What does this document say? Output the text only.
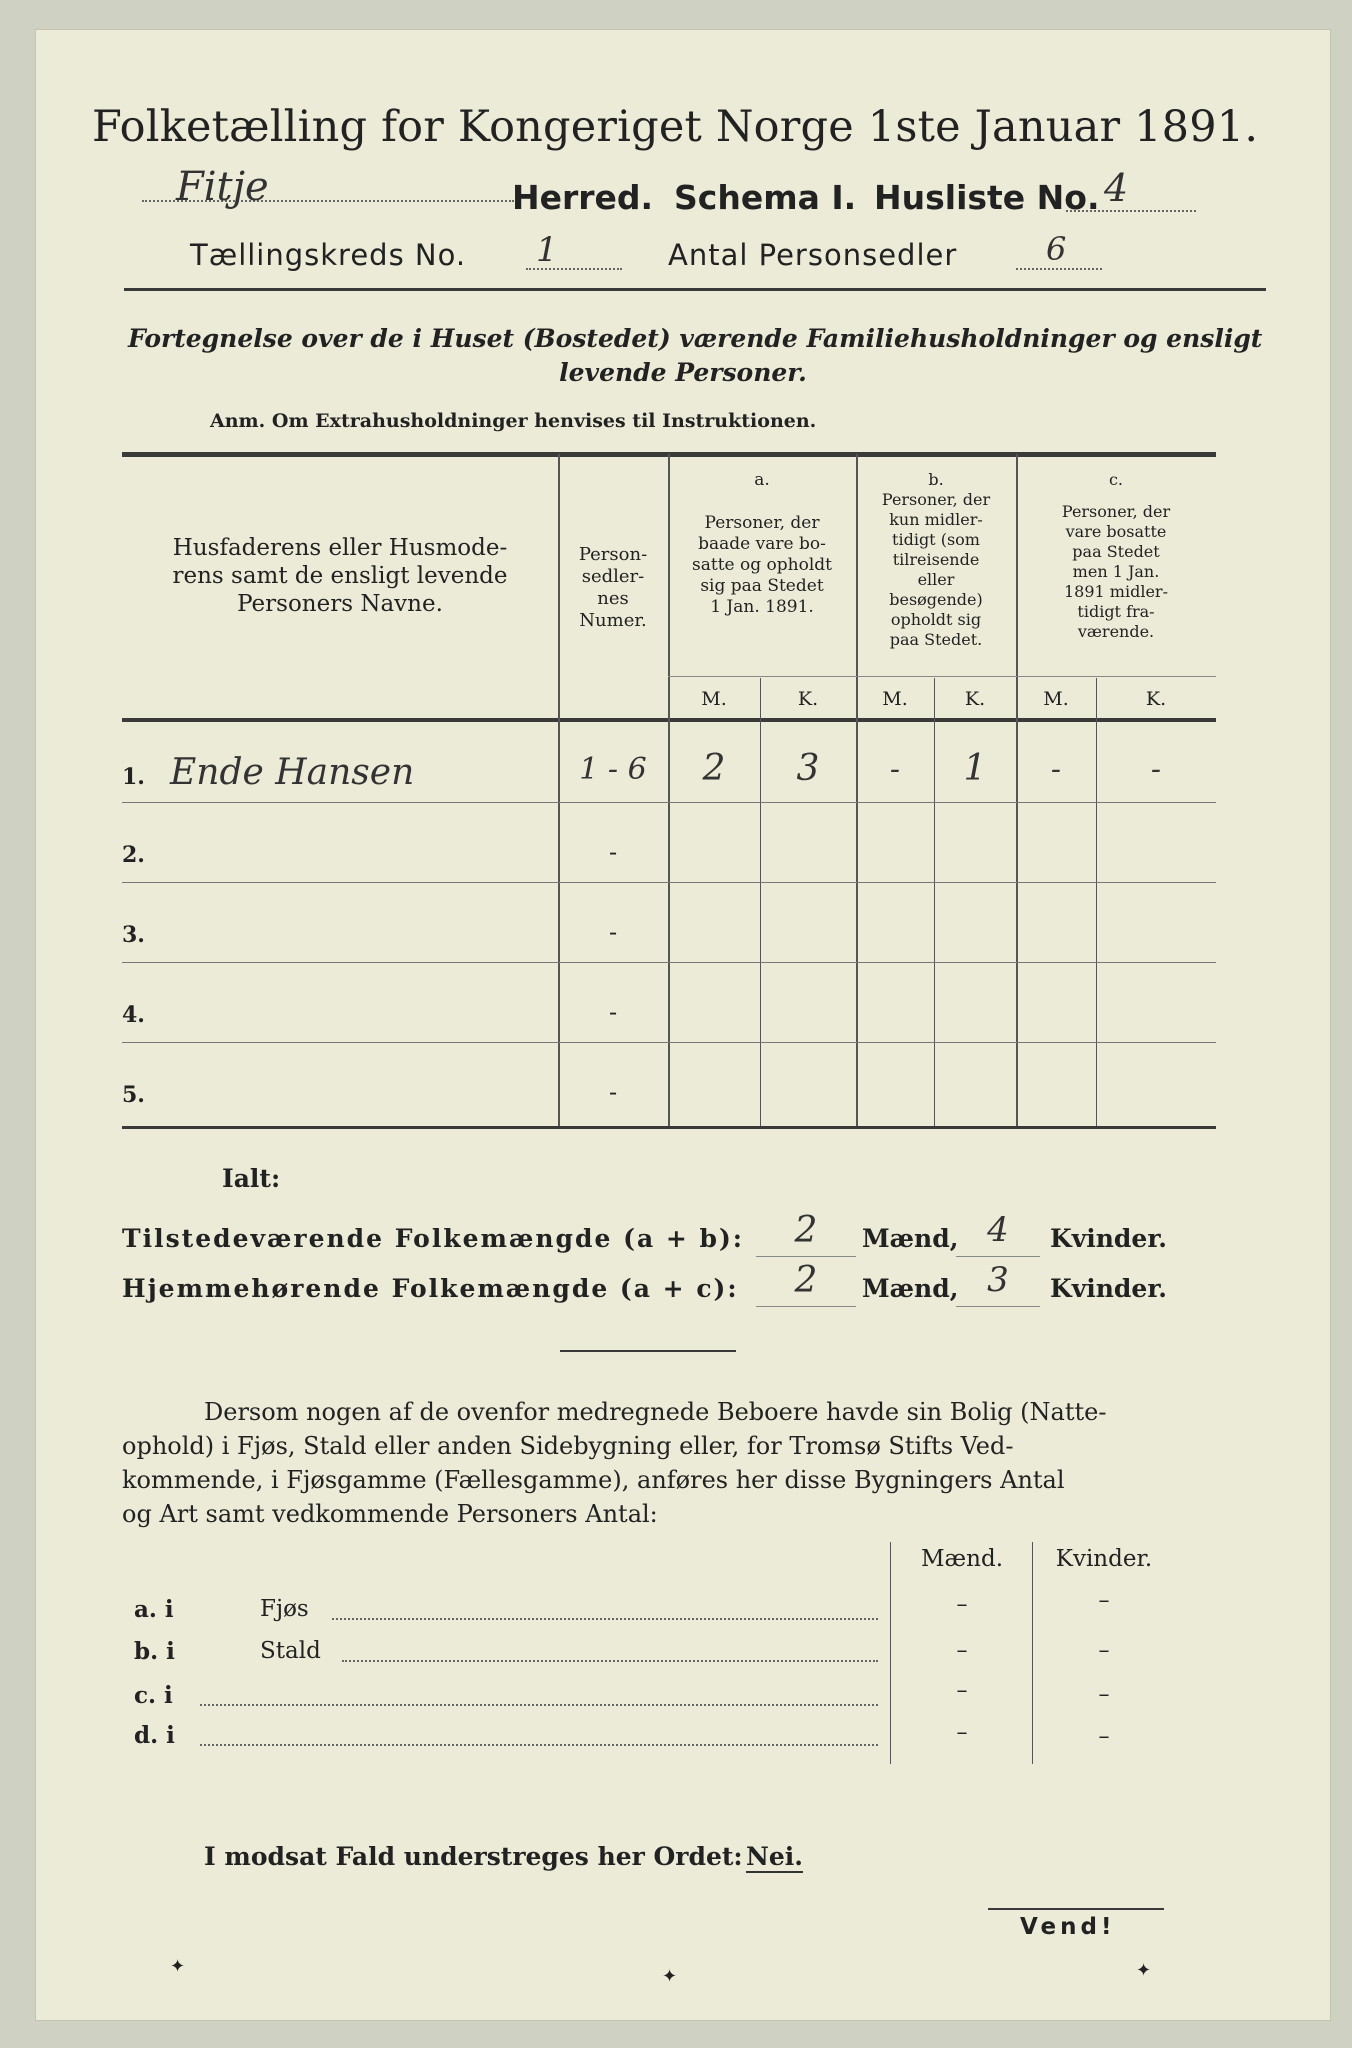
Folketælling for Kongeriget Norge 1ste Januar 1891.
Fitje	Herred. Schema I. Husliste No. 4
Tællingskreds No. 1	Antal Personsedler	6
Fortegnelse over de i Huset (Bostedet) værende Familiehusholdninger og ensligt
levende Personer.
Anm. Om Extrahusholdninger henvises til Instruktionen.
Husfaderens eller Husmode-
rens samt de ensligt levende
Personers Navne.
Person-
sedler-
nes
Numer.
a.
Personer, der
baade vare bo-
satte og opholdt
sig paa Stedet
1 Jan. 1891.
b.
Personer, der
kun midler-
tidigt (som
tilreisende
eller
besøgende)
opholdt sig
paa Stedet.
c.
Personer, der
vare bosatte
paa Stedet
men 1 Jan.
1891 midler-
tidigt fra-
værende.
M.	K.	M.	K.	M.	K.
1. Ende Hansen	1 - 6	2	3	-	1	-	-
2.	-
3.	-
4.	-
5.	-
Ialt:
Tilstedeværende Folkemængde (a + b):	2	Mænd, 4	Kvinder.
Hjemmehørende Folkemængde (a + c):	2	Mænd, 3	Kvinder.
Dersom nogen af de ovenfor medregnede Beboere havde sin Bolig (Natte-
ophold) i Fjøs, Stald eller anden Sidebygning eller, for Tromsø Stifts Ved-
kommende, i Fjøsgamme (Fællesgamme), anføres her disse Bygningers Antal
og Art samt vedkommende Personers Antal:
Mænd.	Kvinder.
a. i	Fjøs	–	–
b. i	Stald	–	–
c. i	–	–
d. i	–	–
I modsat Fald understreges her Ordet: Nei.
Vend!
✦	✦	✦
